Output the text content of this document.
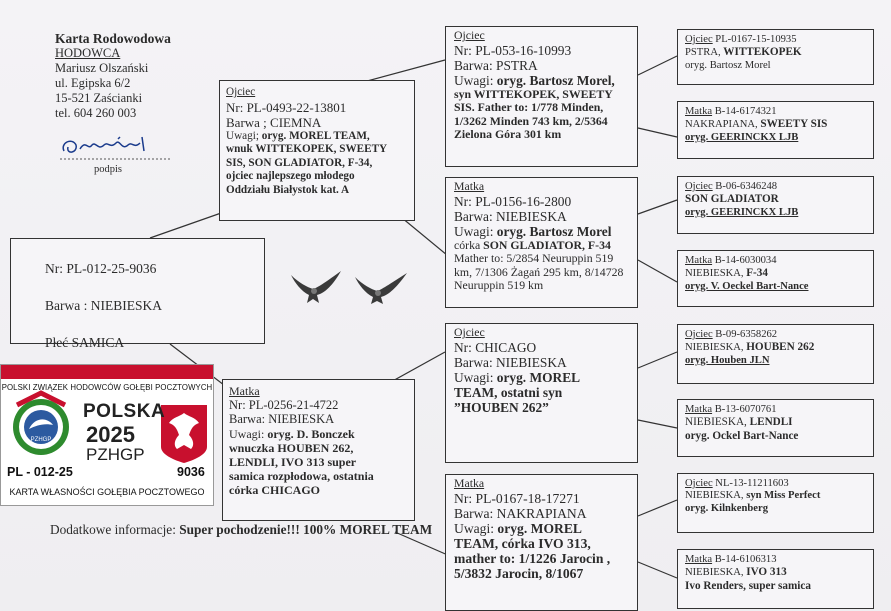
Karta Rodowodowa
HODOWCA
Mariusz Olszański
ul. Egipska 6/2
15-521 Zaścianki
tel. 604 260 003
podpis
Ojciec
Nr: PL-0493-22-13801
Barwa ; CIEMNA
Uwagi; oryg. MOREL TEAM,
wnuk WITTEKOPEK, SWEETY
SIS, SON GLADIATOR, F-34,
ojciec najlepszego młodego
Oddziału Białystok kat. A
Nr: PL-012-25-9036
Barwa : NIEBIESKA
Płeć SAMICA
Matka
Nr: PL-0256-21-4722
Barwa: NIEBIESKA
Uwagi: oryg. D. Bonczek
wnuczka HOUBEN 262,
LENDLI, IVO 313 super
samica rozpłodowa, ostatnia
córka CHICAGO
Ojciec
Nr: PL-053-16-10993
Barwa: PSTRA
Uwagi: oryg. Bartosz Morel,
syn WITTEKOPEK, SWEETY
SIS. Father to: 1/778 Minden,
1/3262 Minden 743 km, 2/5364
Zielona Góra 301 km
Matka
Nr: PL-0156-16-2800
Barwa: NIEBIESKA
Uwagi: oryg. Bartosz Morel
córka SON GLADIATOR, F-34
Mather to: 5/2854 Neuruppin 519
km, 7/1306 Żagań 295 km, 8/14728
Neuruppin 519 km
Ojciec
Nr: CHICAGO
Barwa: NIEBIESKA
Uwagi: oryg. MOREL
TEAM, ostatni syn
”HOUBEN 262”
Matka
Nr: PL-0167-18-17271
Barwa: NAKRAPIANA
Uwagi: oryg. MOREL
TEAM, córka IVO 313,
mather to: 1/1226 Jarocin ,
5/3832 Jarocin, 8/1067
Ojciec PL-0167-15-10935
PSTRA, WITTEKOPEK
oryg. Bartosz Morel
Matka B-14-6174321
NAKRAPIANA, SWEETY SIS
oryg. GEERINCKX LJB
Ojciec B-06-6346248
SON GLADIATOR
oryg. GEERINCKX LJB
Matka B-14-6030034
NIEBIESKA, F-34
oryg. V. Oeckel Bart-Nance
Ojciec B-09-6358262
NIEBIESKA, HOUBEN 262
oryg. Houben JLN
Matka B-13-6070761
NIEBIESKA, LENDLI
oryg. Ockel Bart-Nance
Ojciec NL-13-11211603
NIEBIESKA, syn Miss Perfect
oryg. Kilnkenberg
Matka B-14-6106313
NIEBIESKA, IVO 313
Ivo Renders, super samica
PZHGP
POLSKI ZWIĄZEK HODOWCÓW GOŁĘBI POCZTOWYCH
POLSKA
2025
PZHGP
PL - 012-25	9036
KARTA WŁASNOŚCI GOŁĘBIA POCZTOWEGO
Dodatkowe informacje: Super pochodzenie!!! 100% MOREL TEAM
